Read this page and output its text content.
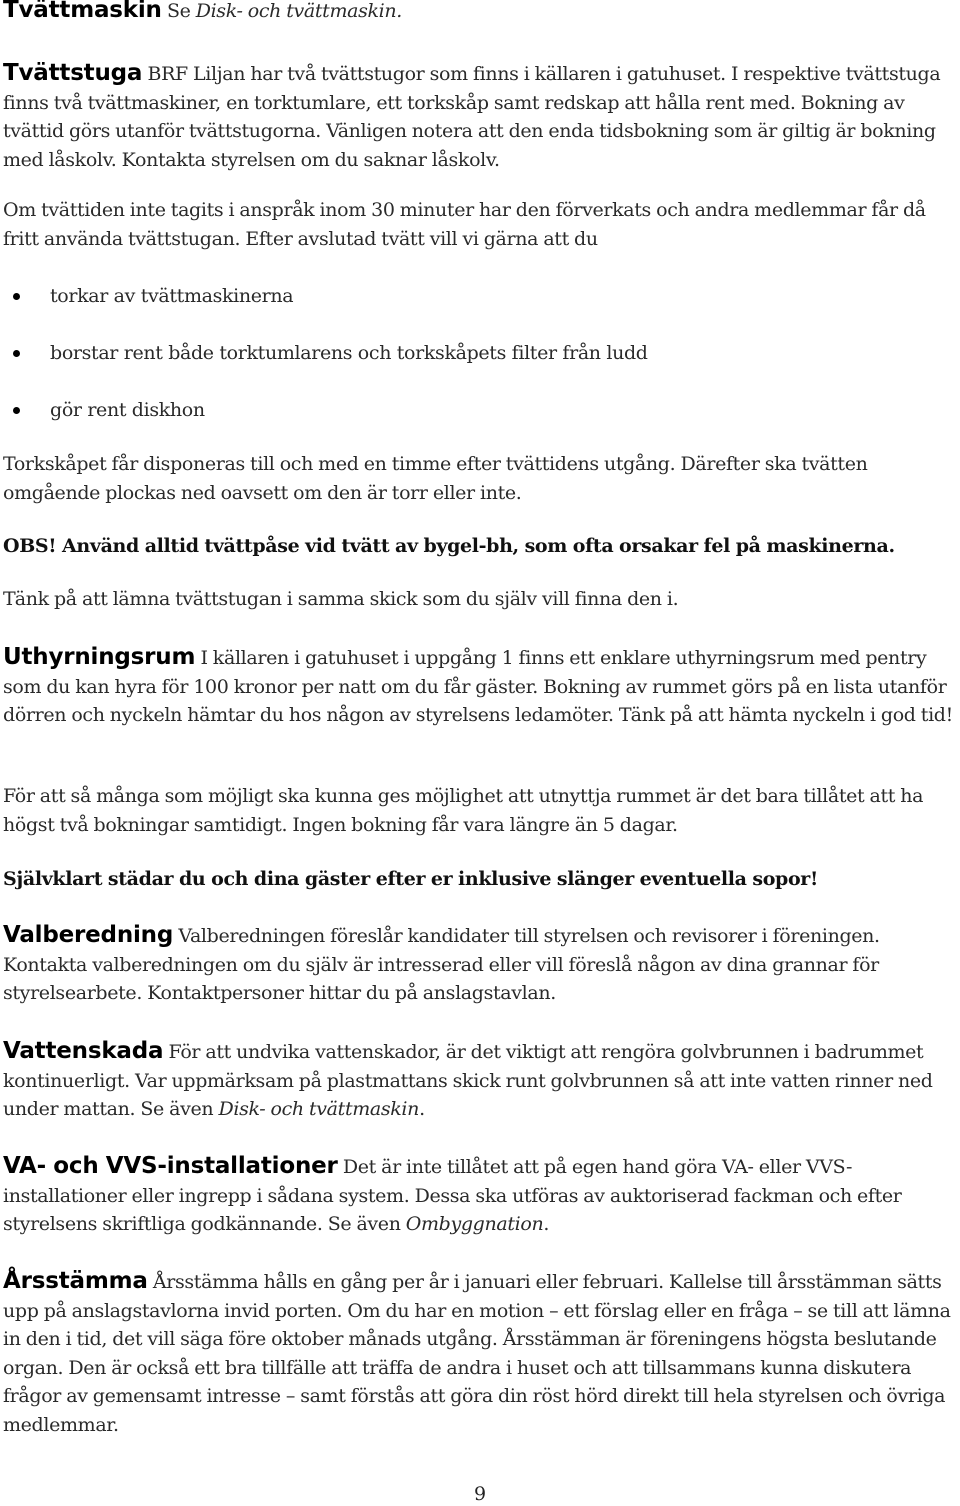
Tvättmaskin Se Disk- och tvättmaskin.
Tvättstuga BRF Liljan har två tvättstugor som finns i källaren i gatuhuset. I respektive tvättstuga finns två tvättmaskiner, en torktumlare, ett torkskåp samt redskap att hålla rent med. Bokning av tvättid görs utanför tvättstugorna. Vänligen notera att den enda tidsbokning som är giltig är bokning med låskolv. Kontakta styrelsen om du saknar låskolv.
Om tvättiden inte tagits i anspråk inom 30 minuter har den förverkats och andra medlemmar får då fritt använda tvättstugan. Efter avslutad tvätt vill vi gärna att du
torkar av tvättmaskinerna
borstar rent både torktumlarens och torkskåpets filter från ludd
gör rent diskhon
Torkskåpet får disponeras till och med en timme efter tvättidens utgång. Därefter ska tvätten omgående plockas ned oavsett om den är torr eller inte.
OBS! Använd alltid tvättpåse vid tvätt av bygel-bh, som ofta orsakar fel på maskinerna.
Tänk på att lämna tvättstugan i samma skick som du själv vill finna den i.
Uthyrningsrum I källaren i gatuhuset i uppgång 1 finns ett enklare uthyrningsrum med pentry som du kan hyra för 100 kronor per natt om du får gäster. Bokning av rummet görs på en lista utanför dörren och nyckeln hämtar du hos någon av styrelsens ledamöter. Tänk på att hämta nyckeln i god tid!
För att så många som möjligt ska kunna ges möjlighet att utnyttja rummet är det bara tillåtet att ha högst två bokningar samtidigt. Ingen bokning får vara längre än 5 dagar.
Självklart städar du och dina gäster efter er inklusive slänger eventuella sopor!
Valberedning Valberedningen föreslår kandidater till styrelsen och revisorer i föreningen. Kontakta valberedningen om du själv är intresserad eller vill föreslå någon av dina grannar för styrelsearbete. Kontaktpersoner hittar du på anslagstavlan.
Vattenskada För att undvika vattenskador, är det viktigt att rengöra golvbrunnen i badrummet kontinuerligt. Var uppmärksam på plastmattans skick runt golvbrunnen så att inte vatten rinner ned under mattan. Se även Disk- och tvättmaskin.
VA- och VVS-installationer Det är inte tillåtet att på egen hand göra VA- eller VVS-installationer eller ingrepp i sådana system. Dessa ska utföras av auktoriserad fackman och efter styrelsens skriftliga godkännande. Se även Ombyggnation.
Årsstämma Årsstämma hålls en gång per år i januari eller februari. Kallelse till årsstämman sätts upp på anslagstavlorna invid porten. Om du har en motion – ett förslag eller en fråga – se till att lämna in den i tid, det vill säga före oktober månads utgång. Årsstämman är föreningens högsta beslutande organ. Den är också ett bra tillfälle att träffa de andra i huset och att tillsammans kunna diskutera frågor av gemensamt intresse – samt förstås att göra din röst hörd direkt till hela styrelsen och övriga medlemmar.
9
